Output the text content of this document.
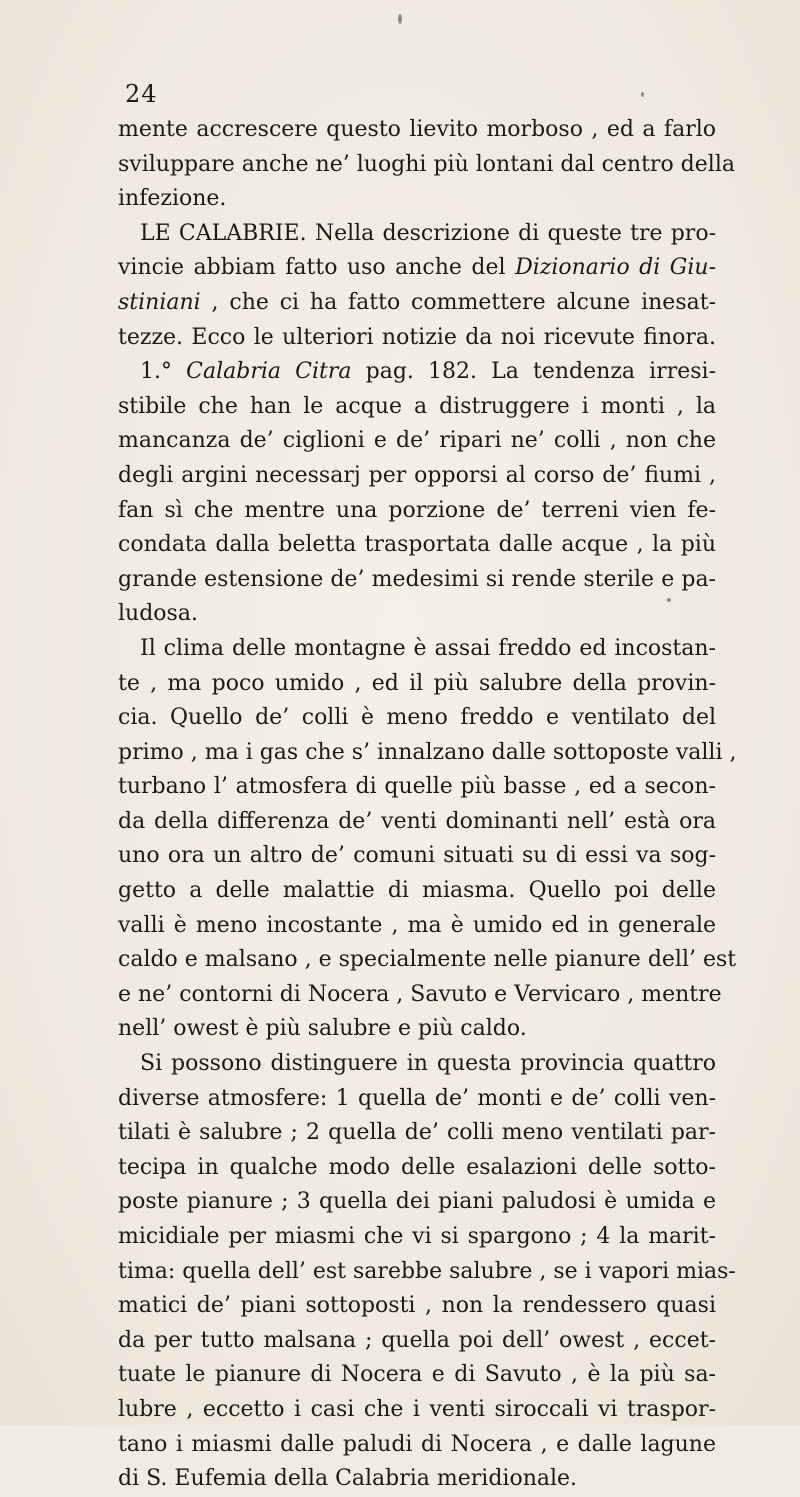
24
mente accrescere questo lievito morboso , ed a farlo
sviluppare anche ne’ luoghi più lontani dal centro della
infezione.
LE CALABRIE. Nella descrizione di queste tre pro-
vincie abbiam fatto uso anche del Dizionario di Giu-
stiniani , che ci ha fatto commettere alcune inesat-
tezze. Ecco le ulteriori notizie da noi ricevute finora.
1.° Calabria Citra pag. 182. La tendenza irresi-
stibile che han le acque a distruggere i monti , la
mancanza de’ ciglioni e de’ ripari ne’ colli , non che
degli argini necessarj per opporsi al corso de’ fiumi ,
fan sì che mentre una porzione de’ terreni vien fe-
condata dalla beletta trasportata dalle acque , la più
grande estensione de’ medesimi si rende sterile e pa-
ludosa.
Il clima delle montagne è assai freddo ed incostan-
te , ma poco umido , ed il più salubre della provin-
cia. Quello de’ colli è meno freddo e ventilato del
primo , ma i gas che s’ innalzano dalle sottoposte valli ,
turbano l’ atmosfera di quelle più basse , ed a secon-
da della differenza de’ venti dominanti nell’ està ora
uno ora un altro de’ comuni situati su di essi va sog-
getto a delle malattie di miasma. Quello poi delle
valli è meno incostante , ma è umido ed in generale
caldo e malsano , e specialmente nelle pianure dell’ est
e ne’ contorni di Nocera , Savuto e Vervicaro , mentre
nell’ owest è più salubre e più caldo.
Si possono distinguere in questa provincia quattro
diverse atmosfere: 1 quella de’ monti e de’ colli ven-
tilati è salubre ; 2 quella de’ colli meno ventilati par-
tecipa in qualche modo delle esalazioni delle sotto-
poste pianure ; 3 quella dei piani paludosi è umida e
micidiale per miasmi che vi si spargono ; 4 la marit-
tima: quella dell’ est sarebbe salubre , se i vapori mias-
matici de’ piani sottoposti , non la rendessero quasi
da per tutto malsana ; quella poi dell’ owest , eccet-
tuate le pianure di Nocera e di Savuto , è la più sa-
lubre , eccetto i casi che i venti siroccali vi traspor-
tano i miasmi dalle paludi di Nocera , e dalle lagune
di S. Eufemia della Calabria meridionale.
